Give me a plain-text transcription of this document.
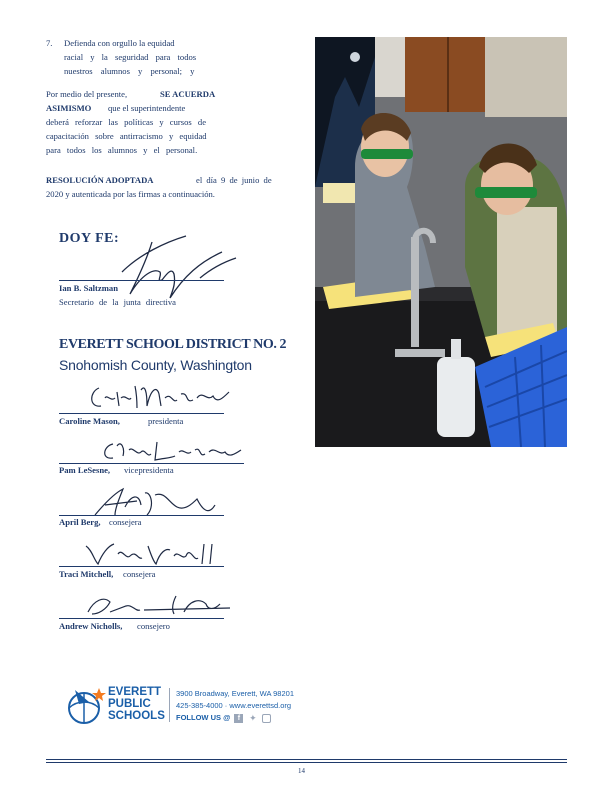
7. Defienda con orgullo la equidad
racial y la seguridad para todos
nuestros alumnos y personal; y
Por medio del presente,	SE ACUERDA
ASIMISMO que el superintendente
deberá reforzar las políticas y cursos de
capacitación sobre antirracismo y equidad
para todos los alumnos y el personal.
RESOLUCIÓN ADOPTADA	el día 9 de junio de
2020 y autenticada por las firmas a continuación.
DOY FE:
Ian B. Saltzman
Secretario de la junta directiva
EVERETT SCHOOL DISTRICT NO. 2
Snohomish County, Washington
Caroline Mason,	presidenta
Pam LeSesne, vicepresidenta
April Berg, consejera
Traci Mitchell, consejera
Andrew Nicholls, consejero
EVERETT
PUBLIC
SCHOOLS
3900 Broadway, Everett, WA 98201
425-385-4000 · www.everettsd.org
FOLLOW US @	f	✦
14
